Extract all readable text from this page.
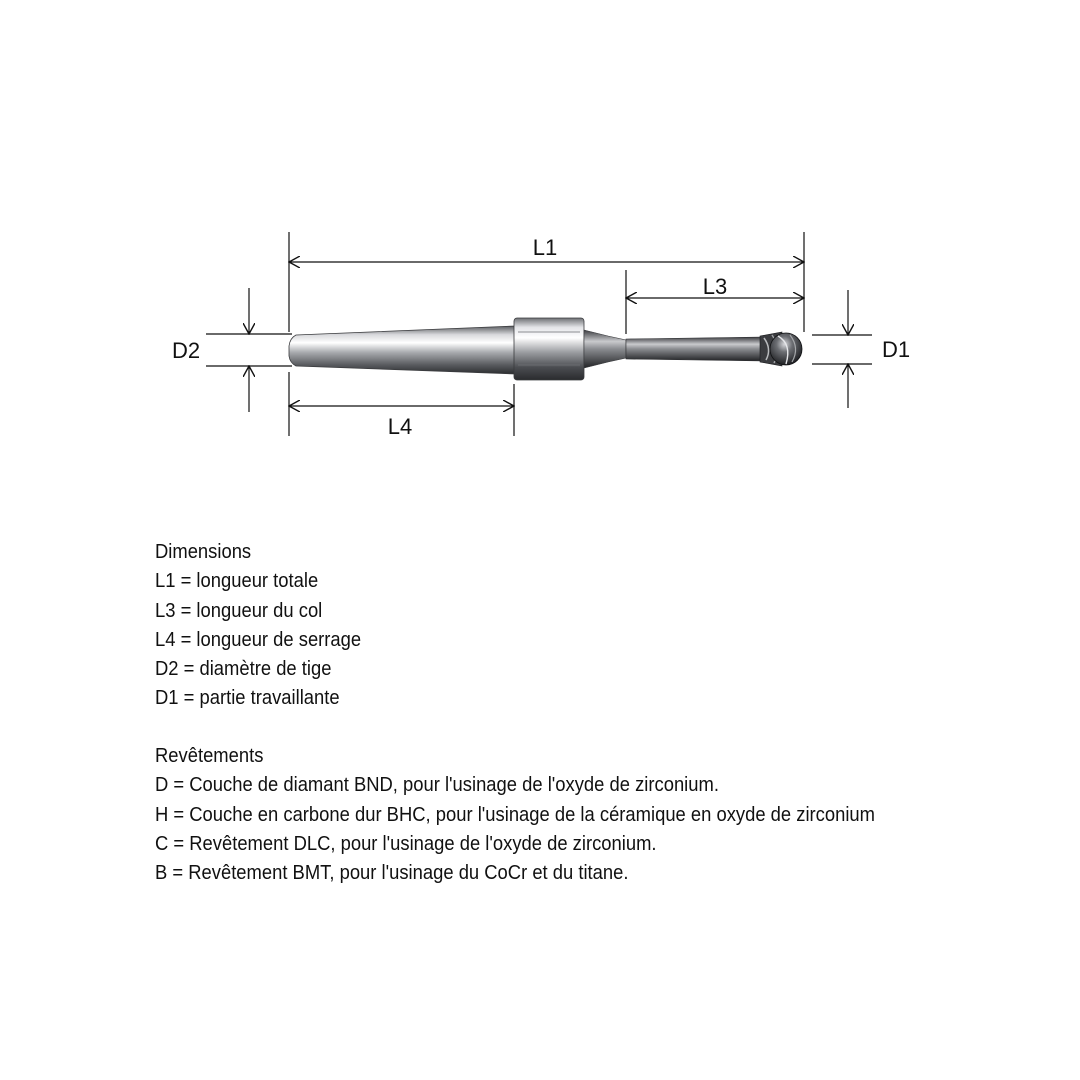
L1
L3
L4
D2	D1
Dimensions
L1 = longueur totale
L3 = longueur du col
L4 = longueur de serrage
D2 = diamètre de tige
D1 = partie travaillante
Revêtements
D = Couche de diamant BND, pour l'usinage de l'oxyde de zirconium.
H = Couche en carbone dur BHC, pour l'usinage de la céramique en oxyde de zirconium
C = Revêtement DLC, pour l'usinage de l'oxyde de zirconium.
B = Revêtement BMT, pour l'usinage du CoCr et du titane.
